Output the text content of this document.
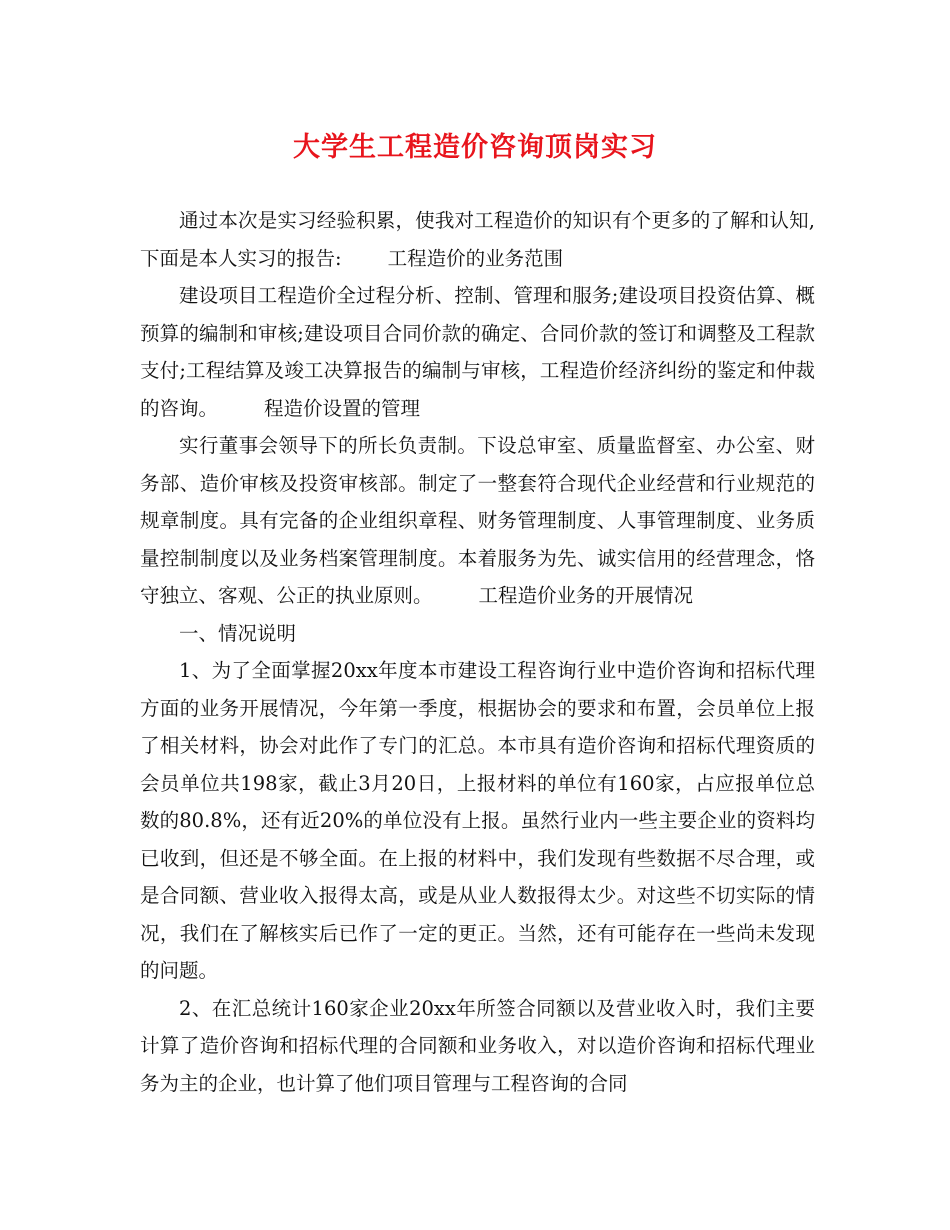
大学生工程造价咨询顶岗实习

通过本次是实习经验积累，使我对工程造价的知识有个更多的了解和认知,下面是本人实习的报告: 工程造价的业务范围

建设项目工程造价全过程分析、控制、管理和服务;建设项目投资估算、概预算的编制和审核;建设项目合同价款的确定、合同价款的签订和调整及工程款支付;工程结算及竣工决算报告的编制与审核，工程造价经济纠纷的鉴定和仲裁的咨询。 程造价设置的管理

实行董事会领导下的所长负责制。下设总审室、质量监督室、办公室、财务部、造价审核及投资审核部。制定了一整套符合现代企业经营和行业规范的规章制度。具有完备的企业组织章程、财务管理制度、人事管理制度、业务质量控制制度以及业务档案管理制度。本着服务为先、诚实信用的经营理念，恪守独立、客观、公正的执业原则。 工程造价业务的开展情况

一、情况说明

1、为了全面掌握20xx年度本市建设工程咨询行业中造价咨询和招标代理方面的业务开展情况，今年第一季度，根据协会的要求和布置，会员单位上报了相关材料，协会对此作了专门的汇总。本市具有造价咨询和招标代理资质的会员单位共198家，截止3月20日，上报材料的单位有160家，占应报单位总数的80.8%，还有近20%的单位没有上报。虽然行业内一些主要企业的资料均已收到，但还是不够全面。在上报的材料中，我们发现有些数据不尽合理，或是合同额、营业收入报得太高，或是从业人数报得太少。对这些不切实际的情况，我们在了解核实后已作了一定的更正。当然，还有可能存在一些尚未发现的问题。

2、在汇总统计160家企业20xx年所签合同额以及营业收入时，我们主要计算了造价咨询和招标代理的合同额和业务收入，对以造价咨询和招标代理业务为主的企业，也计算了他们项目管理与工程咨询的合同
